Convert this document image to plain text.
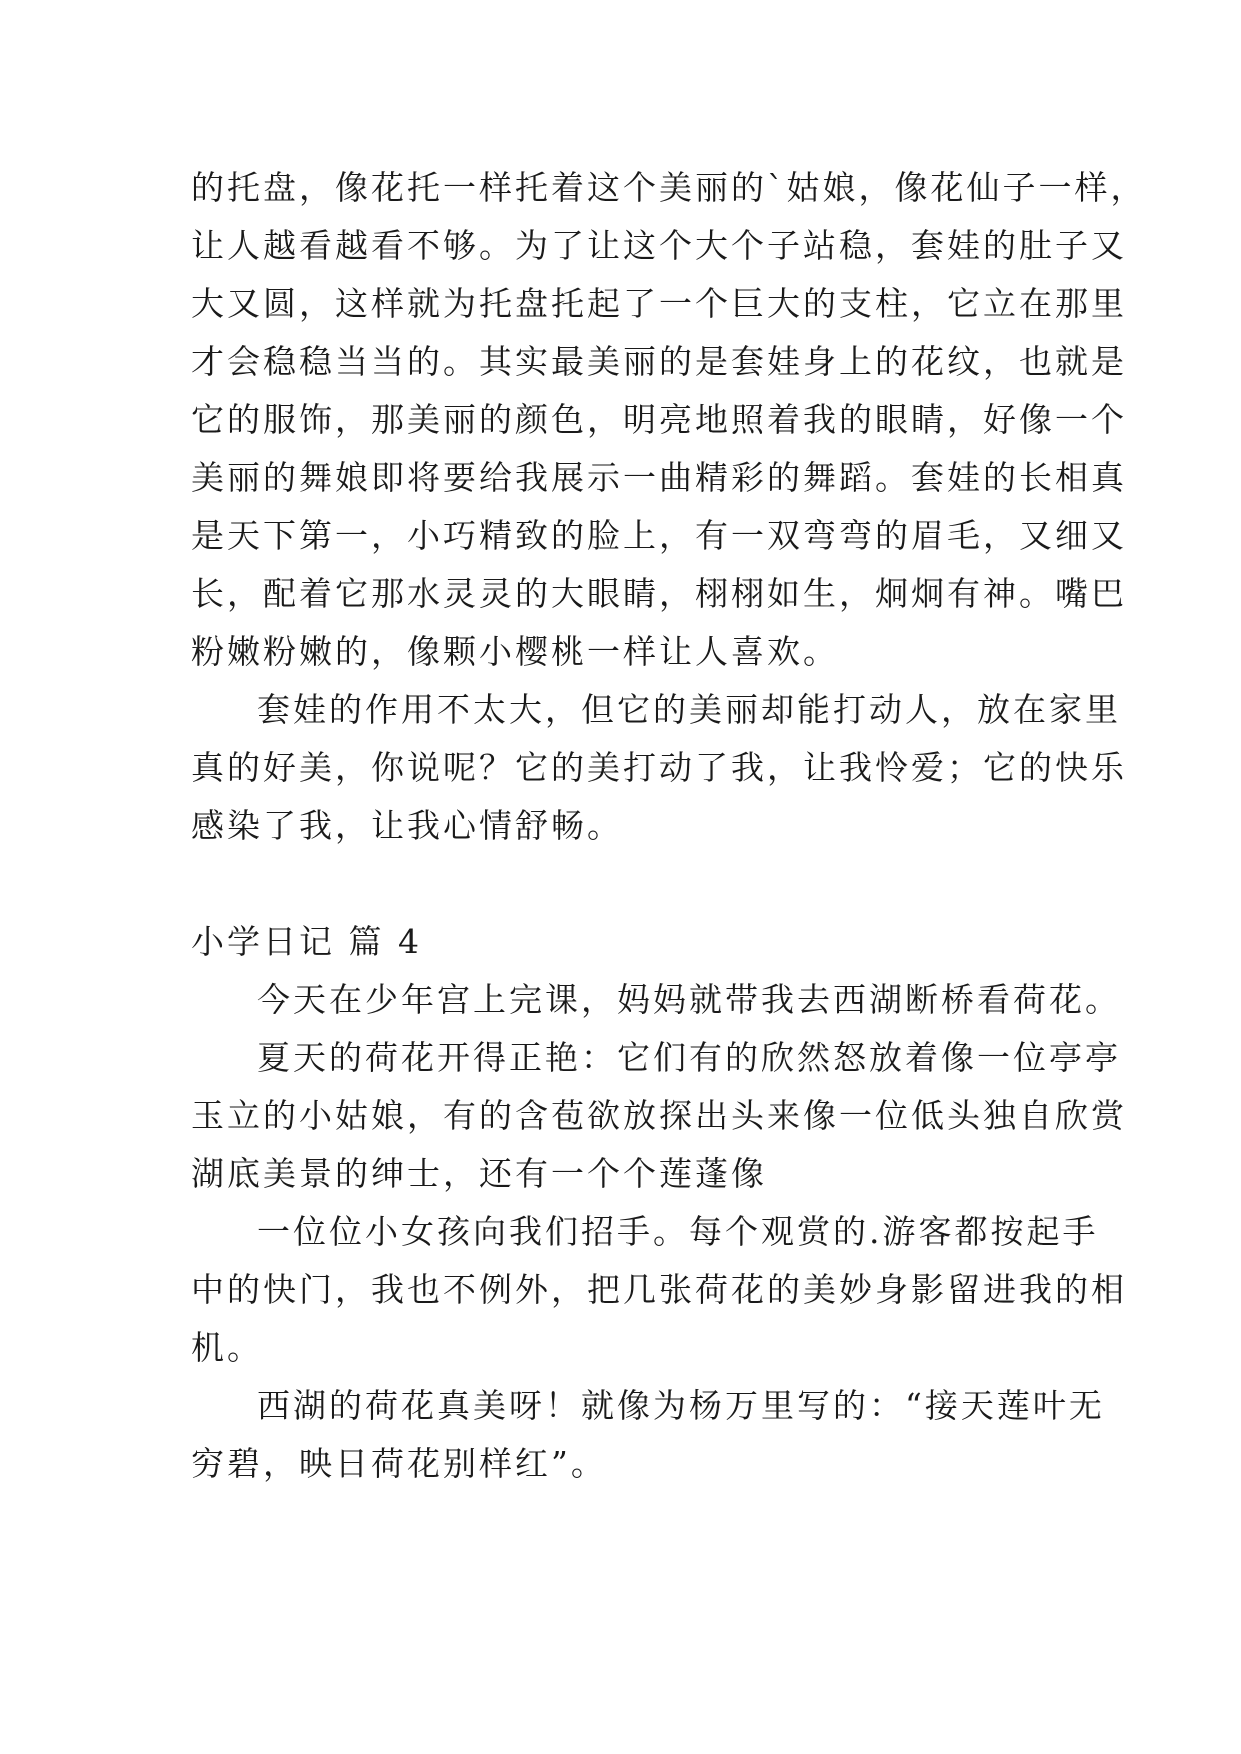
的托盘，像花托一样托着这个美丽的`姑娘，像花仙子一样，
让人越看越看不够。为了让这个大个子站稳，套娃的肚子又
大又圆，这样就为托盘托起了一个巨大的支柱，它立在那里
才会稳稳当当的。其实最美丽的是套娃身上的花纹，也就是
它的服饰，那美丽的颜色，明亮地照着我的眼睛，好像一个
美丽的舞娘即将要给我展示一曲精彩的舞蹈。套娃的长相真
是天下第一，小巧精致的脸上，有一双弯弯的眉毛，又细又
长，配着它那水灵灵的大眼睛，栩栩如生，炯炯有神。嘴巴
粉嫩粉嫩的，像颗小樱桃一样让人喜欢。
套娃的作用不太大，但它的美丽却能打动人，放在家里
真的好美，你说呢？它的美打动了我，让我怜爱；它的快乐
感染了我，让我心情舒畅。
小学日记 篇 4
今天在少年宫上完课，妈妈就带我去西湖断桥看荷花。
夏天的荷花开得正艳：它们有的欣然怒放着像一位亭亭
玉立的小姑娘，有的含苞欲放探出头来像一位低头独自欣赏
湖底美景的绅士，还有一个个莲蓬像
一位位小女孩向我们招手。每个观赏的.游客都按起手
中的快门，我也不例外，把几张荷花的美妙身影留进我的相
机。
西湖的荷花真美呀！就像为杨万里写的：“接天莲叶无
穷碧，映日荷花别样红”。
